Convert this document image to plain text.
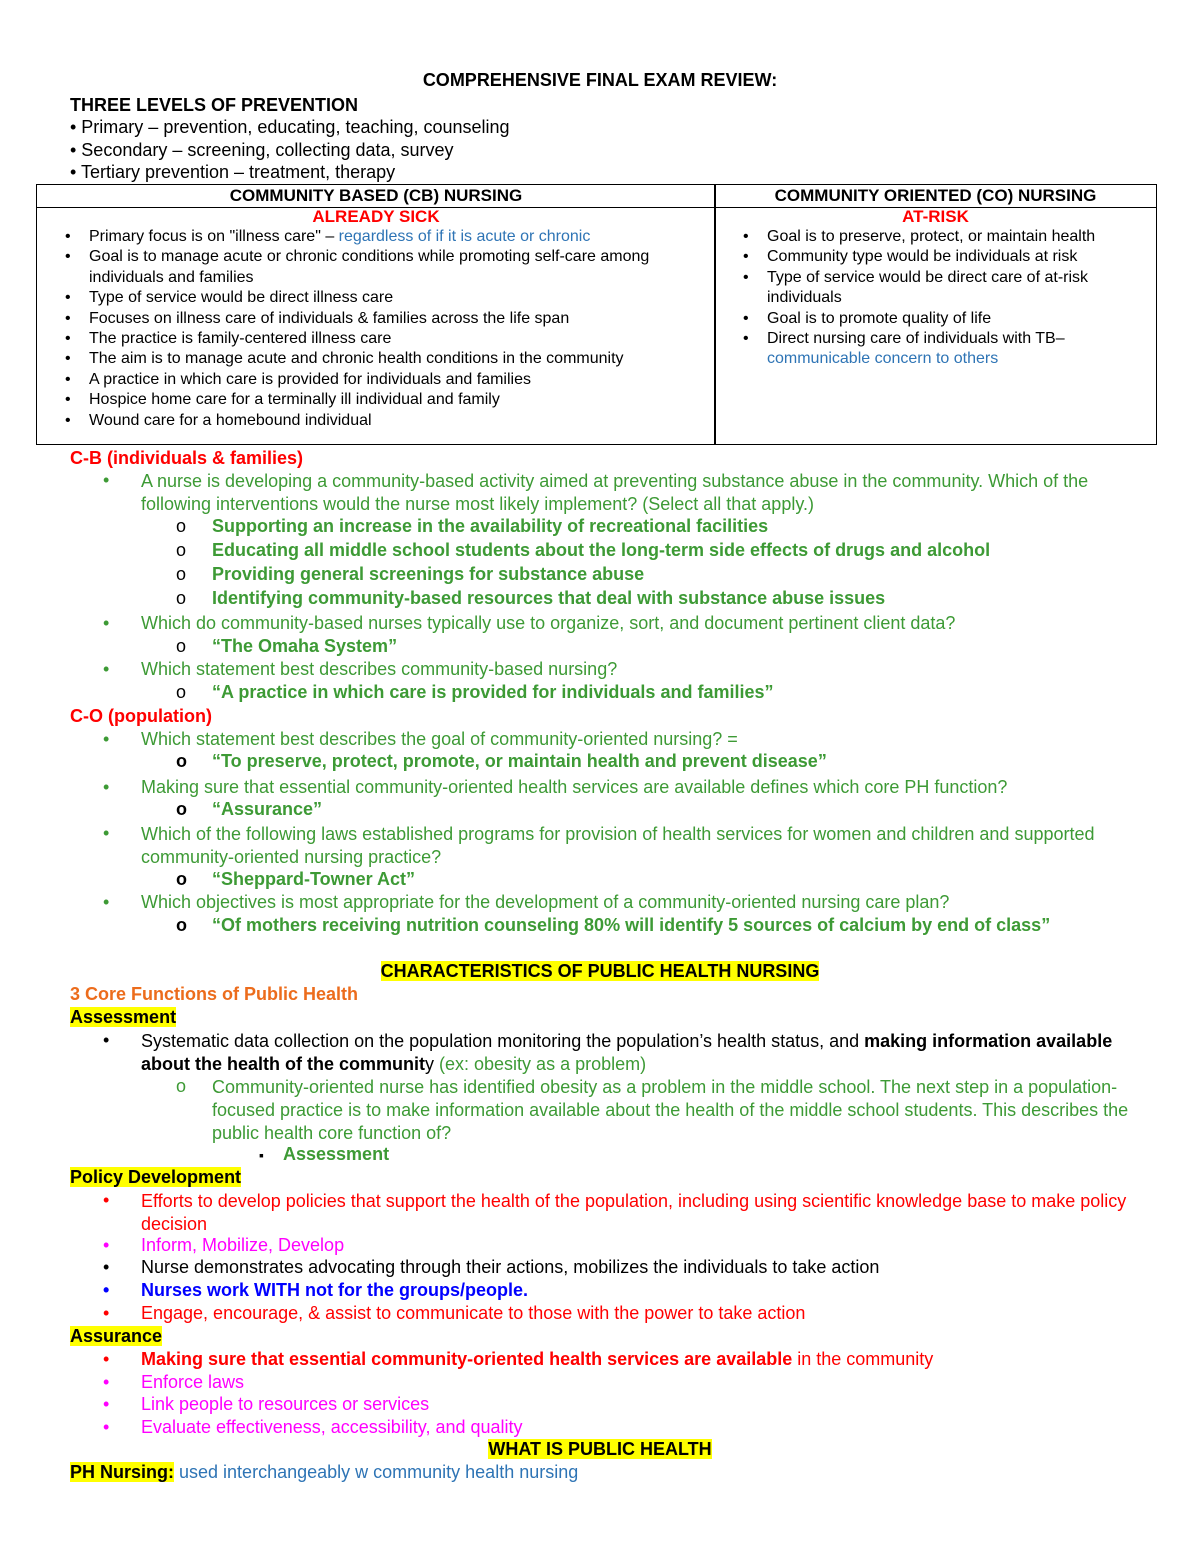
COMPREHENSIVE FINAL EXAM REVIEW:
THREE LEVELS OF PREVENTION
• Primary – prevention, educating, teaching, counseling
• Secondary – screening, collecting data, survey
• Tertiary prevention – treatment, therapy
COMMUNITY BASED (CB) NURSING	COMMUNITY ORIENTED (CO) NURSING
ALREADY SICK	AT-RISK
• Primary focus is on "illness care" – regardless of if it is acute or chronic
• Goal is to manage acute or chronic conditions while promoting self-care among individuals and families
• Type of service would be direct illness care
• Focuses on illness care of individuals & families across the life span
• The practice is family-centered illness care
• The aim is to manage acute and chronic health conditions in the community
• A practice in which care is provided for individuals and families
• Hospice home care for a terminally ill individual and family
• Wound care for a homebound individual
• Goal is to preserve, protect, or maintain health
• Community type would be individuals at risk
• Type of service would be direct care of at-risk individuals
• Goal is to promote quality of life
• Direct nursing care of individuals with TB–
communicable concern to others
C-B (individuals & families)
• A nurse is developing a community-based activity aimed at preventing substance abuse in the community. Which of the following interventions would the nurse most likely implement? (Select all that apply.)
o Supporting an increase in the availability of recreational facilities
o Educating all middle school students about the long-term side effects of drugs and alcohol
o Providing general screenings for substance abuse
o Identifying community-based resources that deal with substance abuse issues
• Which do community-based nurses typically use to organize, sort, and document pertinent client data?
o “The Omaha System”
• Which statement best describes community-based nursing?
o “A practice in which care is provided for individuals and families”
C-O (population)
• Which statement best describes the goal of community-oriented nursing? =
o “To preserve, protect, promote, or maintain health and prevent disease”
• Making sure that essential community-oriented health services are available defines which core PH function?
o “Assurance”
• Which of the following laws established programs for provision of health services for women and children and supported community-oriented nursing practice?
o “Sheppard-Towner Act”
• Which objectives is most appropriate for the development of a community-oriented nursing care plan?
o “Of mothers receiving nutrition counseling 80% will identify 5 sources of calcium by end of class”
CHARACTERISTICS OF PUBLIC HEALTH NURSING
3 Core Functions of Public Health
Assessment
• Systematic data collection on the population monitoring the population’s health status, and making information available about the health of the community (ex: obesity as a problem)
o Community-oriented nurse has identified obesity as a problem in the middle school. The next step in a population-focused practice is to make information available about the health of the middle school students. This describes the public health core function of?
▪ Assessment
Policy Development
• Efforts to develop policies that support the health of the population, including using scientific knowledge base to make policy decision
• Inform, Mobilize, Develop
• Nurse demonstrates advocating through their actions, mobilizes the individuals to take action
• Nurses work WITH not for the groups/people.
• Engage, encourage, & assist to communicate to those with the power to take action
Assurance
• Making sure that essential community-oriented health services are available in the community
• Enforce laws
• Link people to resources or services
• Evaluate effectiveness, accessibility, and quality
WHAT IS PUBLIC HEALTH
PH Nursing: used interchangeably w community health nursing
